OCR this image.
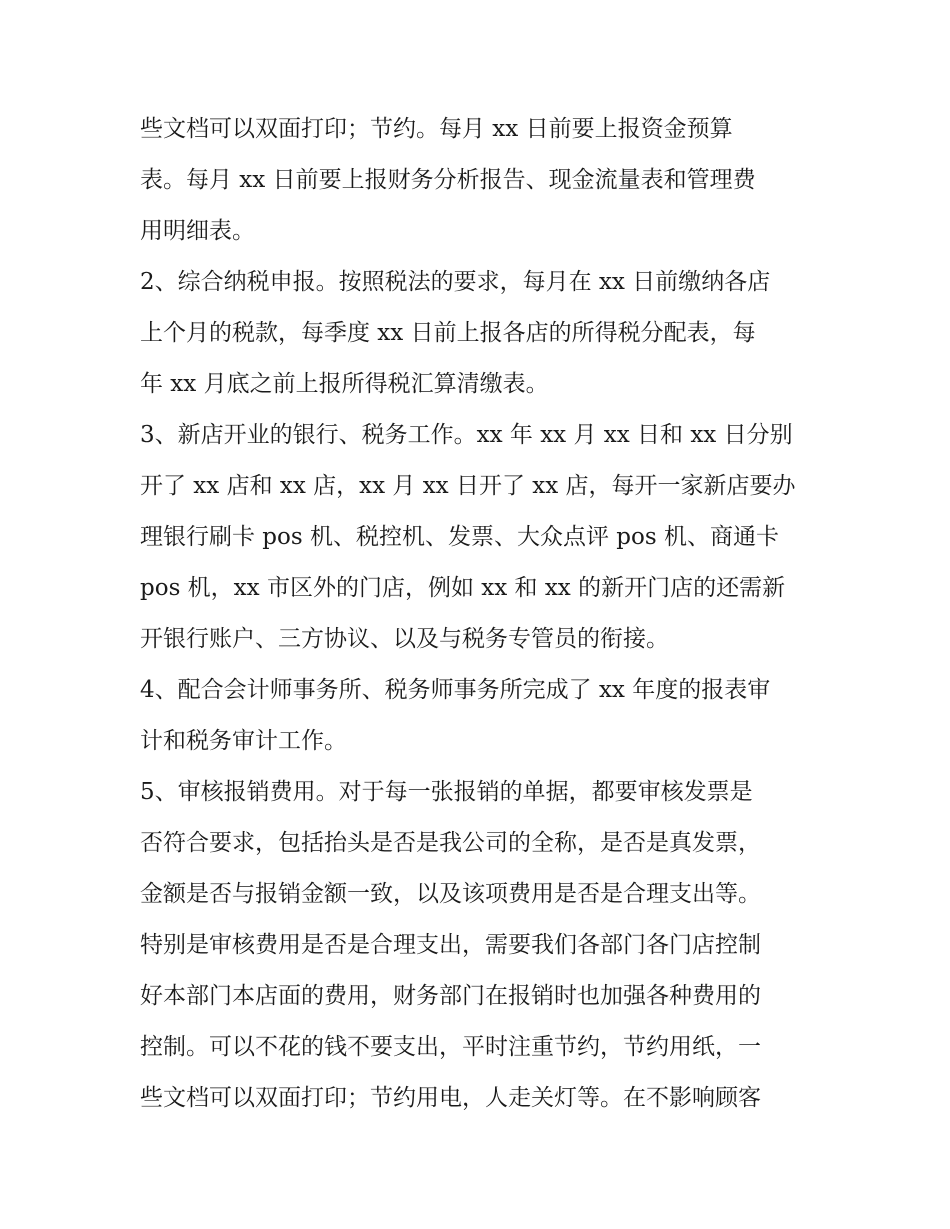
些文档可以双面打印；节约。每月 xx 日前要上报资金预算
表。每月 xx 日前要上报财务分析报告、现金流量表和管理费
用明细表。
2、综合纳税申报。按照税法的要求，每月在 xx 日前缴纳各店
上个月的税款，每季度 xx 日前上报各店的所得税分配表，每
年 xx 月底之前上报所得税汇算清缴表。
3、新店开业的银行、税务工作。xx 年 xx 月 xx 日和 xx 日分别
开了 xx 店和 xx 店，xx 月 xx 日开了 xx 店，每开一家新店要办
理银行刷卡 pos 机、税控机、发票、大众点评 pos 机、商通卡
pos 机，xx 市区外的门店，例如 xx 和 xx 的新开门店的还需新
开银行账户、三方协议、以及与税务专管员的衔接。
4、配合会计师事务所、税务师事务所完成了 xx 年度的报表审
计和税务审计工作。
5、审核报销费用。对于每一张报销的单据，都要审核发票是
否符合要求，包括抬头是否是我公司的全称，是否是真发票，
金额是否与报销金额一致，以及该项费用是否是合理支出等。
特别是审核费用是否是合理支出，需要我们各部门各门店控制
好本部门本店面的费用，财务部门在报销时也加强各种费用的
控制。可以不花的钱不要支出，平时注重节约，节约用纸，一
些文档可以双面打印；节约用电，人走关灯等。在不影响顾客
